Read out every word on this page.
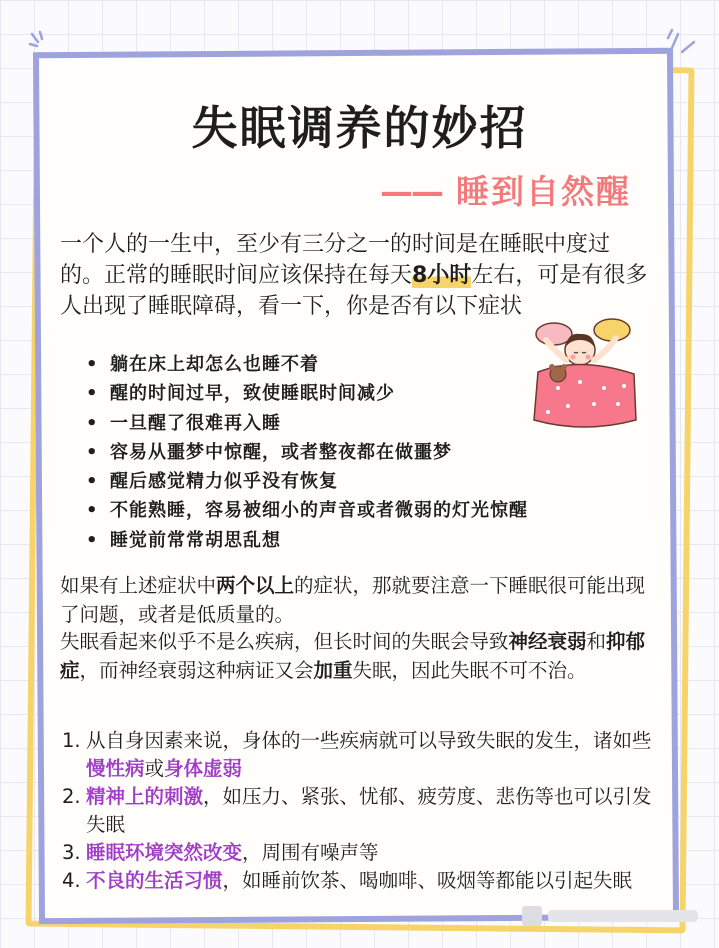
失眠调养的妙招
—— 睡到自然醒
一个人的一生中，至少有三分之一的时间是在睡眠中度过的。正常的睡眠时间应该保持在每天8小时左右，可是有很多人出现了睡眠障碍，看一下，你是否有以下症状
• 躺在床上却怎么也睡不着
• 醒的时间过早，致使睡眠时间减少
• 一旦醒了很难再入睡
• 容易从噩梦中惊醒，或者整夜都在做噩梦
• 醒后感觉精力似乎没有恢复
• 不能熟睡，容易被细小的声音或者微弱的灯光惊醒
• 睡觉前常常胡思乱想
如果有上述症状中两个以上的症状，那就要注意一下睡眠很可能出现了问题，或者是低质量的。
失眠看起来似乎不是么疾病，但长时间的失眠会导致神经衰弱和抑郁症，而神经衰弱这种病证又会加重失眠，因此失眠不可不治。
1. 从自身因素来说，身体的一些疾病就可以导致失眠的发生，诸如些慢性病或身体虚弱
2. 精神上的刺激，如压力、紧张、忧郁、疲劳度、悲伤等也可以引发失眠
3. 睡眠环境突然改变，周围有噪声等
4. 不良的生活习惯，如睡前饮茶、喝咖啡、吸烟等都能以引起失眠
